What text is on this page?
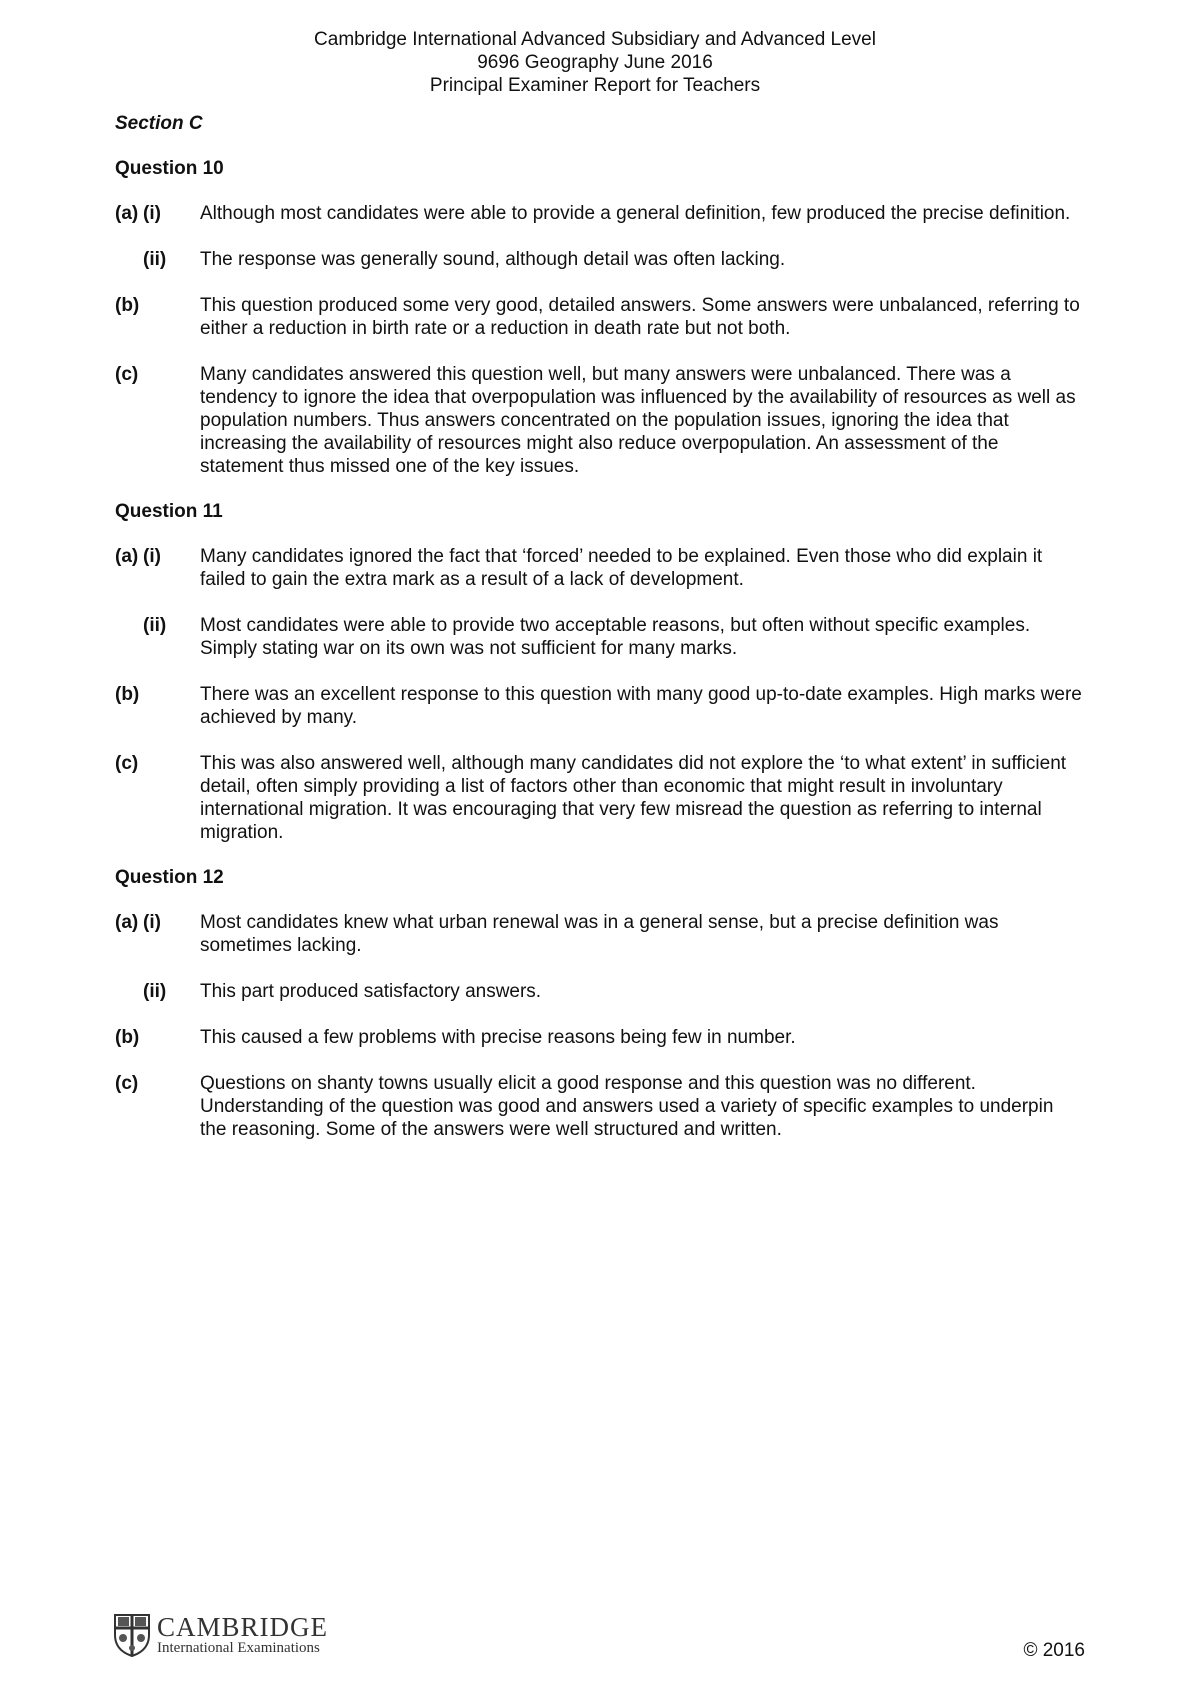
Cambridge International Advanced Subsidiary and Advanced Level
9696 Geography June 2016
Principal Examiner Report for Teachers
Section C
Question 10
(a) (i)	Although most candidates were able to provide a general definition, few produced the precise definition.
(ii)	The response was generally sound, although detail was often lacking.
(b)	This question produced some very good, detailed answers. Some answers were unbalanced, referring to either a reduction in birth rate or a reduction in death rate but not both.
(c)	Many candidates answered this question well, but many answers were unbalanced. There was a tendency to ignore the idea that overpopulation was influenced by the availability of resources as well as population numbers. Thus answers concentrated on the population issues, ignoring the idea that increasing the availability of resources might also reduce overpopulation. An assessment of the statement thus missed one of the key issues.
Question 11
(a) (i)	Many candidates ignored the fact that ‘forced’ needed to be explained. Even those who did explain it failed to gain the extra mark as a result of a lack of development.
(ii)	Most candidates were able to provide two acceptable reasons, but often without specific examples. Simply stating war on its own was not sufficient for many marks.
(b)	There was an excellent response to this question with many good up-to-date examples. High marks were achieved by many.
(c)	This was also answered well, although many candidates did not explore the ‘to what extent’ in sufficient detail, often simply providing a list of factors other than economic that might result in involuntary international migration. It was encouraging that very few misread the question as referring to internal migration.
Question 12
(a) (i)	Most candidates knew what urban renewal was in a general sense, but a precise definition was sometimes lacking.
(ii)	This part produced satisfactory answers.
(b)	This caused a few problems with precise reasons being few in number.
(c)	Questions on shanty towns usually elicit a good response and this question was no different. Understanding of the question was good and answers used a variety of specific examples to underpin the reasoning. Some of the answers were well structured and written.
CAMBRIDGE
International Examinations	© 2016
